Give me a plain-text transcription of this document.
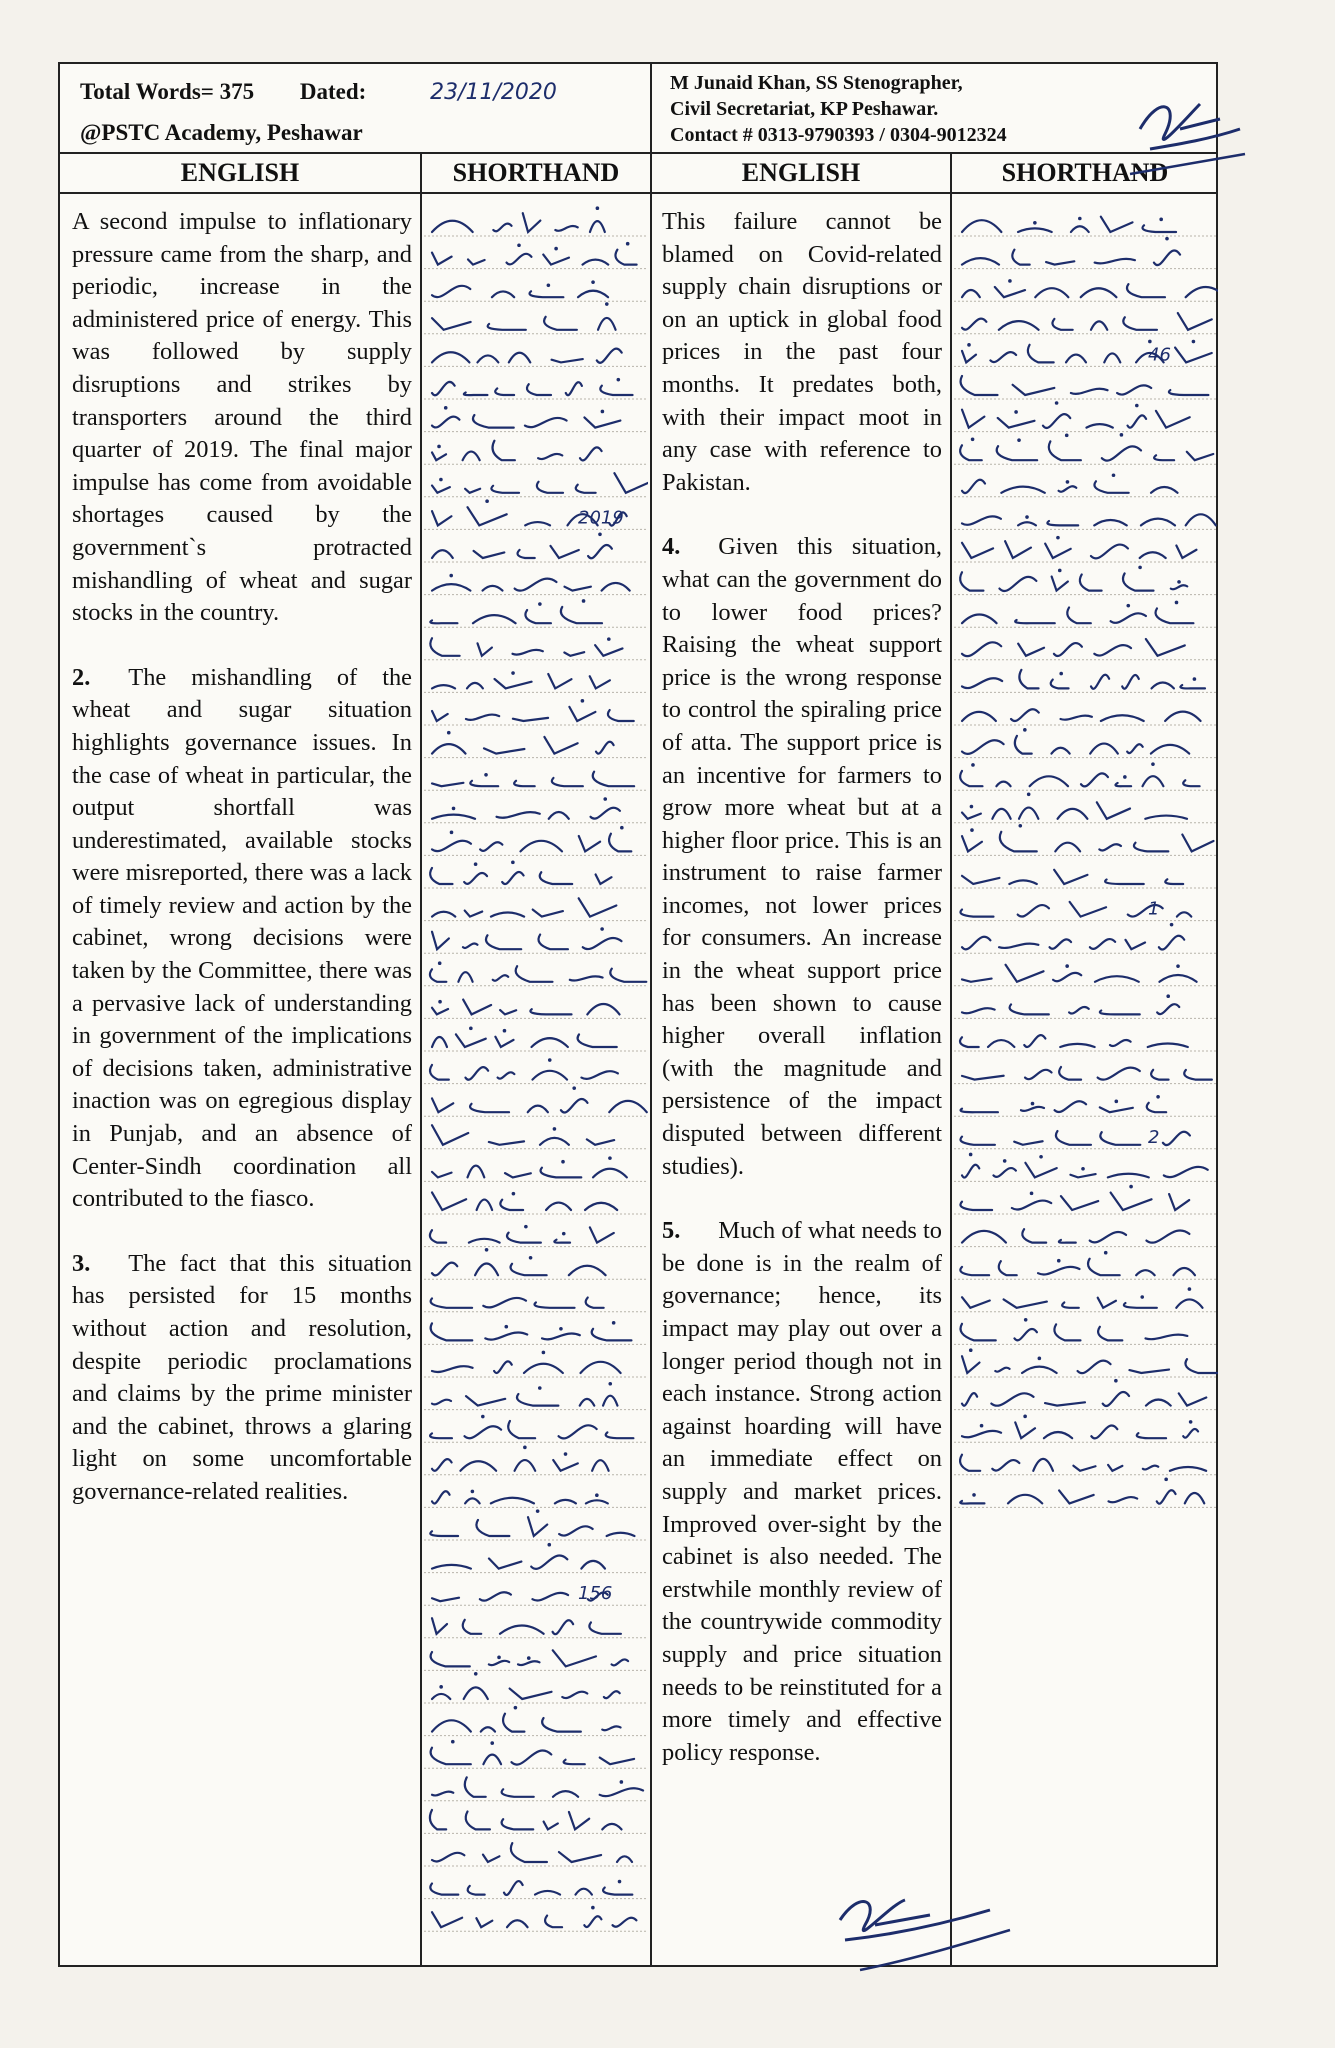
Total Words= 375 Dated:	23/11/2020
@PSTC Academy, Peshawar
M Junaid Khan, SS Stenographer,
Civil Secretariat, KP Peshawar.
Contact # 0313-9790393 / 0304-9012324
ENGLISH	SHORTHAND	ENGLISH	SHORTHAND

A second impulse to inflationary pressure came from the sharp, and periodic, increase in the administered price of energy. This was followed by supply disruptions and strikes by transporters around the third quarter of 2019. The final major impulse has come from avoidable shortages caused by the government`s protracted mishandling of wheat and sugar stocks in the country.

2. The mishandling of the wheat and sugar situation highlights governance issues. In the case of wheat in particular, the output shortfall was underestimated, available stocks were misreported, there was a lack of timely review and action by the cabinet, wrong decisions were taken by the Committee, there was a pervasive lack of understanding in government of the implications of decisions taken, administrative inaction was on egregious display in Punjab, and an absence of Center-Sindh coordination all contributed to the fiasco.

3. The fact that this situation has persisted for 15 months without action and resolution, despite periodic proclamations and claims by the prime minister and the cabinet, throws a glaring light on some uncomfortable governance-related realities.

2019
156

This failure cannot be blamed on Covid-related supply chain disruptions or on an uptick in global food prices in the past four months. It predates both, with their impact moot in any case with reference to Pakistan.

4. Given this situation, what can the government do to lower food prices? Raising the wheat support price is the wrong response to control the spiraling price of atta. The support price is an incentive for farmers to grow more wheat but at a higher floor price. This is an instrument to raise farmer incomes, not lower prices for consumers. An increase in the wheat support price has been shown to cause higher overall inflation (with the magnitude and persistence of the impact disputed between different studies).

5. Much of what needs to be done is in the realm of governance; hence, its impact may play out over a longer period though not in each instance. Strong action against hoarding will have an immediate effect on supply and market prices. Improved over-sight by the cabinet is also needed. The erstwhile monthly review of the countrywide commodity supply and price situation needs to be reinstituted for a more timely and effective policy response.

46
1
2
